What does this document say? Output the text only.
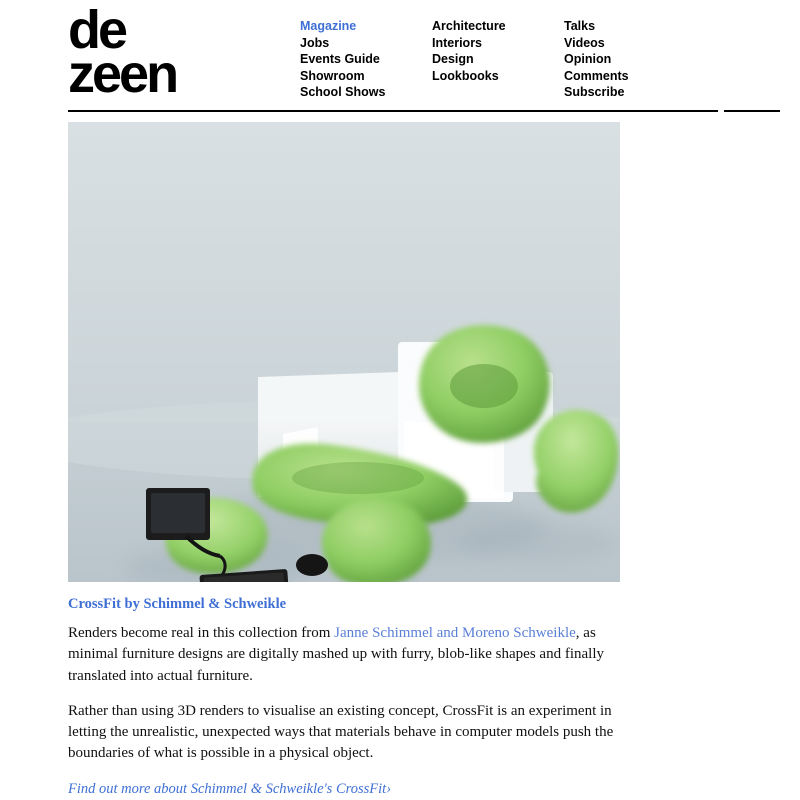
de
zeen
Magazine
Jobs
Events Guide
Showroom
School Shows
Architecture
Interiors
Design
Lookbooks
Talks
Videos
Opinion
Comments
Subscribe
CrossFit by Schimmel & Schweikle
Renders become real in this collection from Janne Schimmel and Moreno Schweikle, as minimal furniture designs are digitally mashed up with furry, blob-like shapes and finally translated into actual furniture.
Rather than using 3D renders to visualise an existing concept, CrossFit is an experiment in letting the unrealistic, unexpected ways that materials behave in computer models push the boundaries of what is possible in a physical object.
Find out more about Schimmel & Schweikle's CrossFit›
